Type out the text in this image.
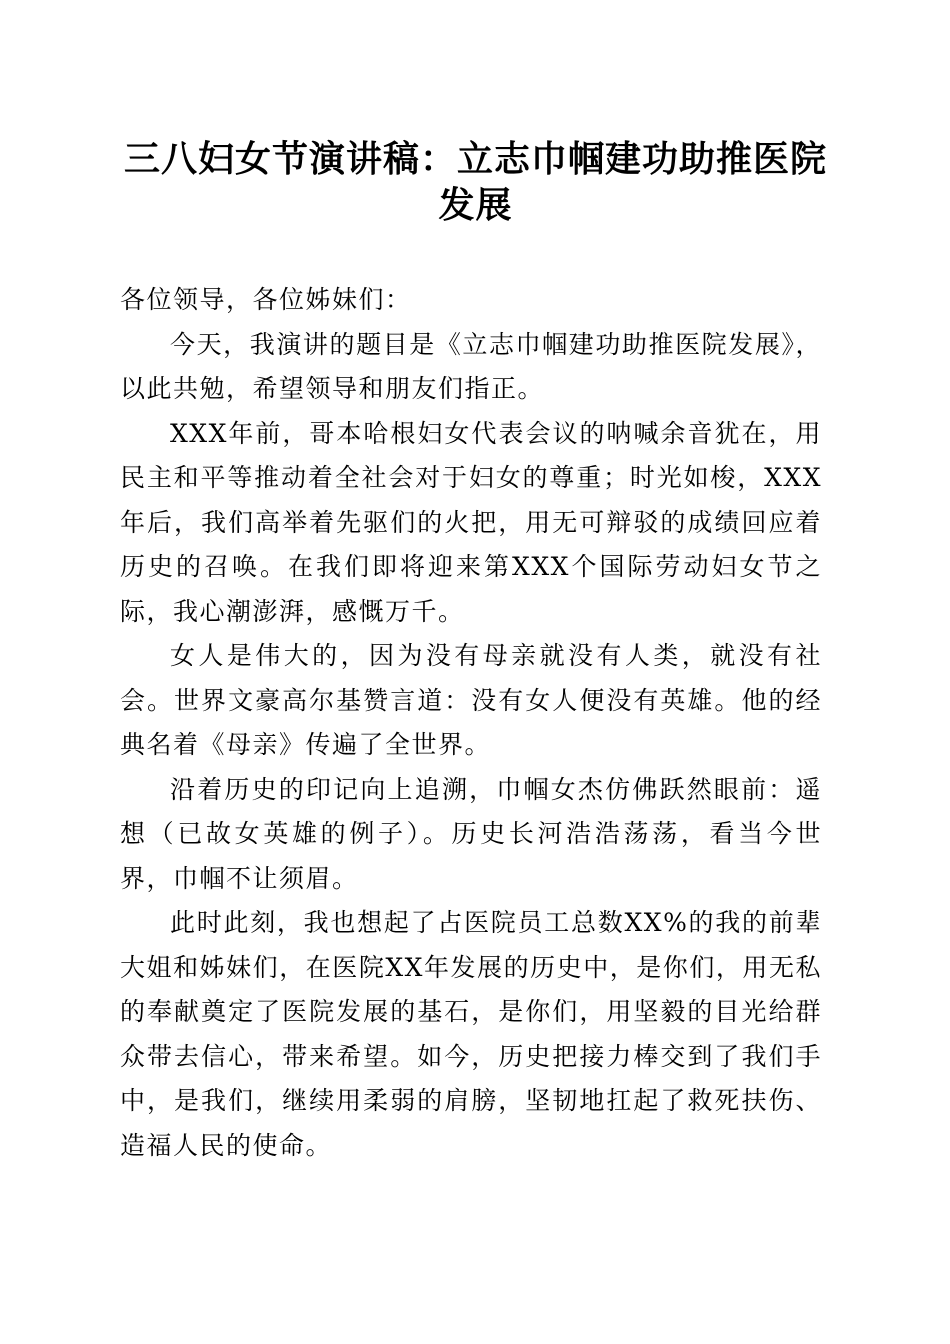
三八妇女节演讲稿：立志巾帼建功助推医院发展

各位领导，各位姊妹们：

今天，我演讲的题目是《立志巾帼建功助推医院发展》，以此共勉，希望领导和朋友们指正。

XXX年前，哥本哈根妇女代表会议的呐喊余音犹在，用民主和平等推动着全社会对于妇女的尊重；时光如梭，XXX年后，我们高举着先驱们的火把，用无可辩驳的成绩回应着历史的召唤。在我们即将迎来第XXX个国际劳动妇女节之际，我心潮澎湃，感慨万千。

女人是伟大的，因为没有母亲就没有人类，就没有社会。世界文豪高尔基赞言道：没有女人便没有英雄。他的经典名着《母亲》传遍了全世界。

沿着历史的印记向上追溯，巾帼女杰仿佛跃然眼前：遥想（已故女英雄的例子）。历史长河浩浩荡荡，看当今世界，巾帼不让须眉。

此时此刻，我也想起了占医院员工总数XX%的我的前辈大姐和姊妹们，在医院XX年发展的历史中，是你们，用无私的奉献奠定了医院发展的基石，是你们，用坚毅的目光给群众带去信心，带来希望。如今，历史把接力棒交到了我们手中，是我们，继续用柔弱的肩膀，坚韧地扛起了救死扶伤、造福人民的使命。
